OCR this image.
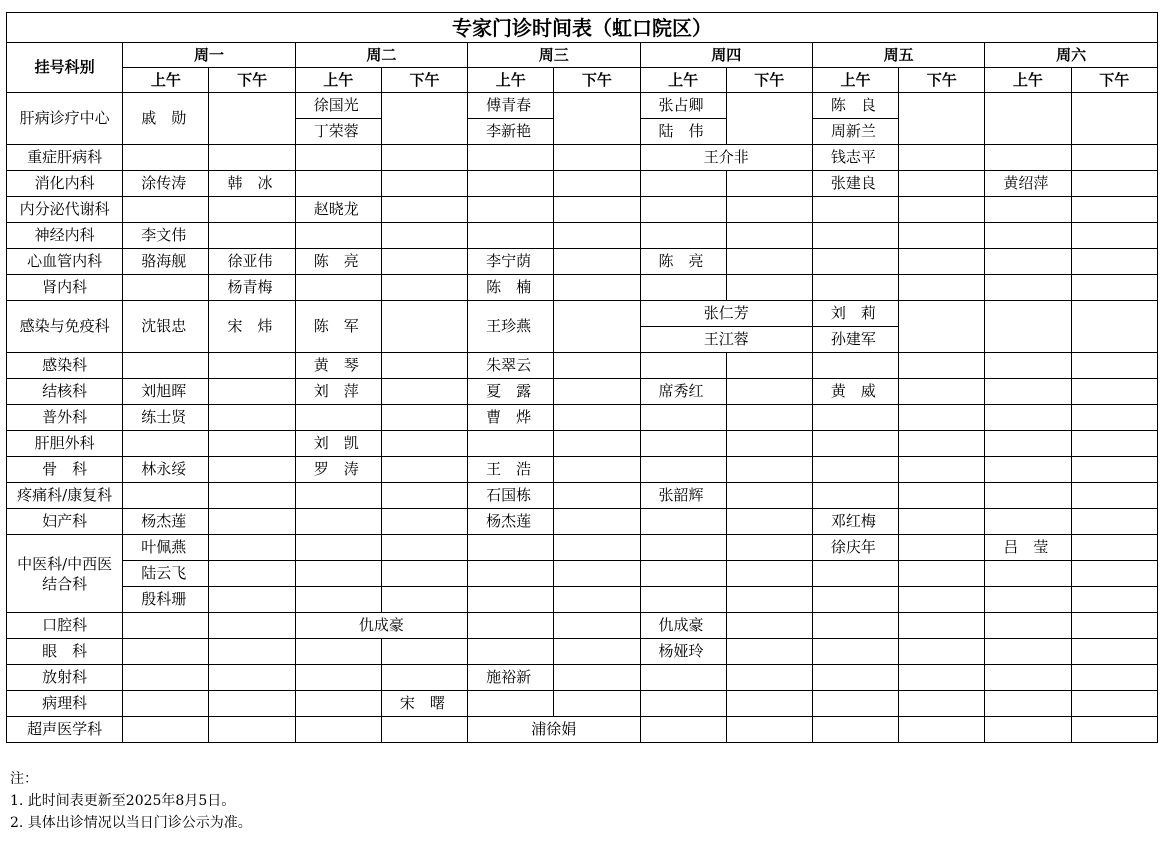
专家门诊时间表（虹口院区）												
挂号科别	周一		周二		周三		周四		周五		周六	
	上午	下午	上午	下午	上午	下午	上午	下午	上午	下午	上午	下午
肝病诊疗中心	戚　勋		徐国光		傅青春		张占卿		陈　良			
			丁荣蓉		李新艳		陆　伟		周新兰			
重症肝病科							王介非		钱志平			
消化内科	涂传涛	韩　冰							张建良		黄绍萍	
内分泌代谢科			赵晓龙									
神经内科	李文伟											
心血管内科	骆海舰	徐亚伟	陈　亮		李宁荫		陈　亮					
肾内科		杨青梅			陈　楠							
感染与免疫科	沈银忠	宋　炜	陈　军		王珍燕		张仁芳		刘　莉			
							王江蓉		孙建军			
感染科			黄　琴		朱翠云							
结核科	刘旭晖		刘　萍		夏　露		席秀红		黄　威			
普外科	练士贤				曹　烨							
肝胆外科			刘　凯									
骨　科	林永绥		罗　涛		王　浩							
疼痛科/康复科					石国栋		张韶辉					
妇产科	杨杰莲				杨杰莲				邓红梅			
中医科/中西医结合科	叶佩燕								徐庆年		吕　莹	
	陆云飞											
	殷科珊											
口腔科			仇成豪				仇成豪					
眼　科							杨娅玲					
放射科					施裕新							
病理科				宋　曙								
超声医学科					浦徐娟							
注：
1. 此时间表更新至2025年8月5日。
2. 具体出诊情况以当日门诊公示为准。
